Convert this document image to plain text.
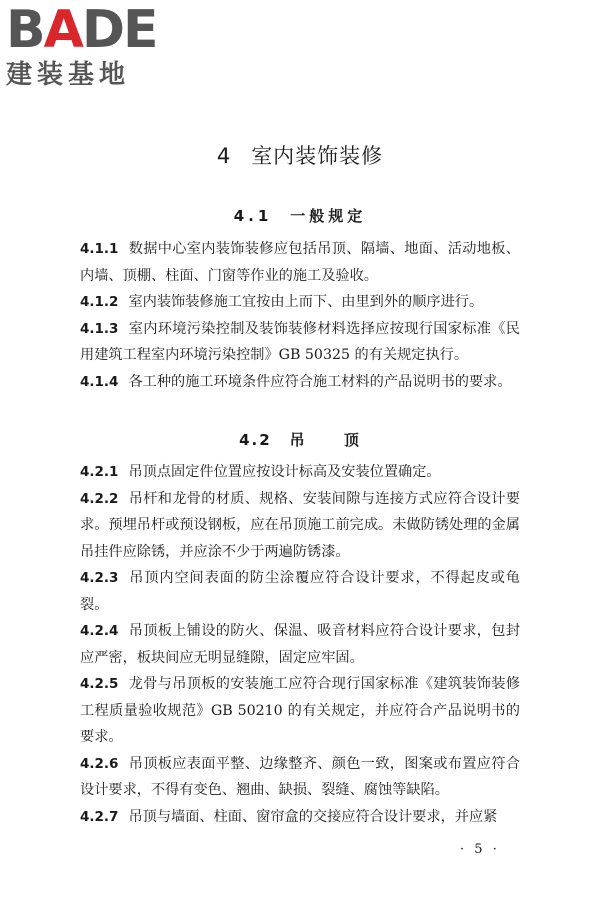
BADE
建装基地
4 室内装饰装修
4.1 一般规定
4.1.1 数据中心室内装饰装修应包括吊顶、隔墙、地面、活动地板、内墙、顶棚、柱面、门窗等作业的施工及验收。
4.1.2 室内装饰装修施工宜按由上而下、由里到外的顺序进行。
4.1.3 室内环境污染控制及装饰装修材料选择应按现行国家标准《民用建筑工程室内环境污染控制》GB 50325 的有关规定执行。
4.1.4 各工种的施工环境条件应符合施工材料的产品说明书的要求。
4.2 吊 顶
4.2.1 吊顶点固定件位置应按设计标高及安装位置确定。
4.2.2 吊杆和龙骨的材质、规格、安装间隙与连接方式应符合设计要求。预埋吊杆或预设钢板，应在吊顶施工前完成。未做防锈处理的金属吊挂件应除锈，并应涂不少于两遍防锈漆。
4.2.3 吊顶内空间表面的防尘涂覆应符合设计要求，不得起皮或龟裂。
4.2.4 吊顶板上铺设的防火、保温、吸音材料应符合设计要求，包封应严密，板块间应无明显缝隙，固定应牢固。
4.2.5 龙骨与吊顶板的安装施工应符合现行国家标准《建筑装饰装修工程质量验收规范》GB 50210 的有关规定，并应符合产品说明书的要求。
4.2.6 吊顶板应表面平整、边缘整齐、颜色一致，图案或布置应符合设计要求，不得有变色、翘曲、缺损、裂缝、腐蚀等缺陷。
4.2.7 吊顶与墙面、柱面、窗帘盒的交接应符合设计要求，并应紧
· 5 ·
